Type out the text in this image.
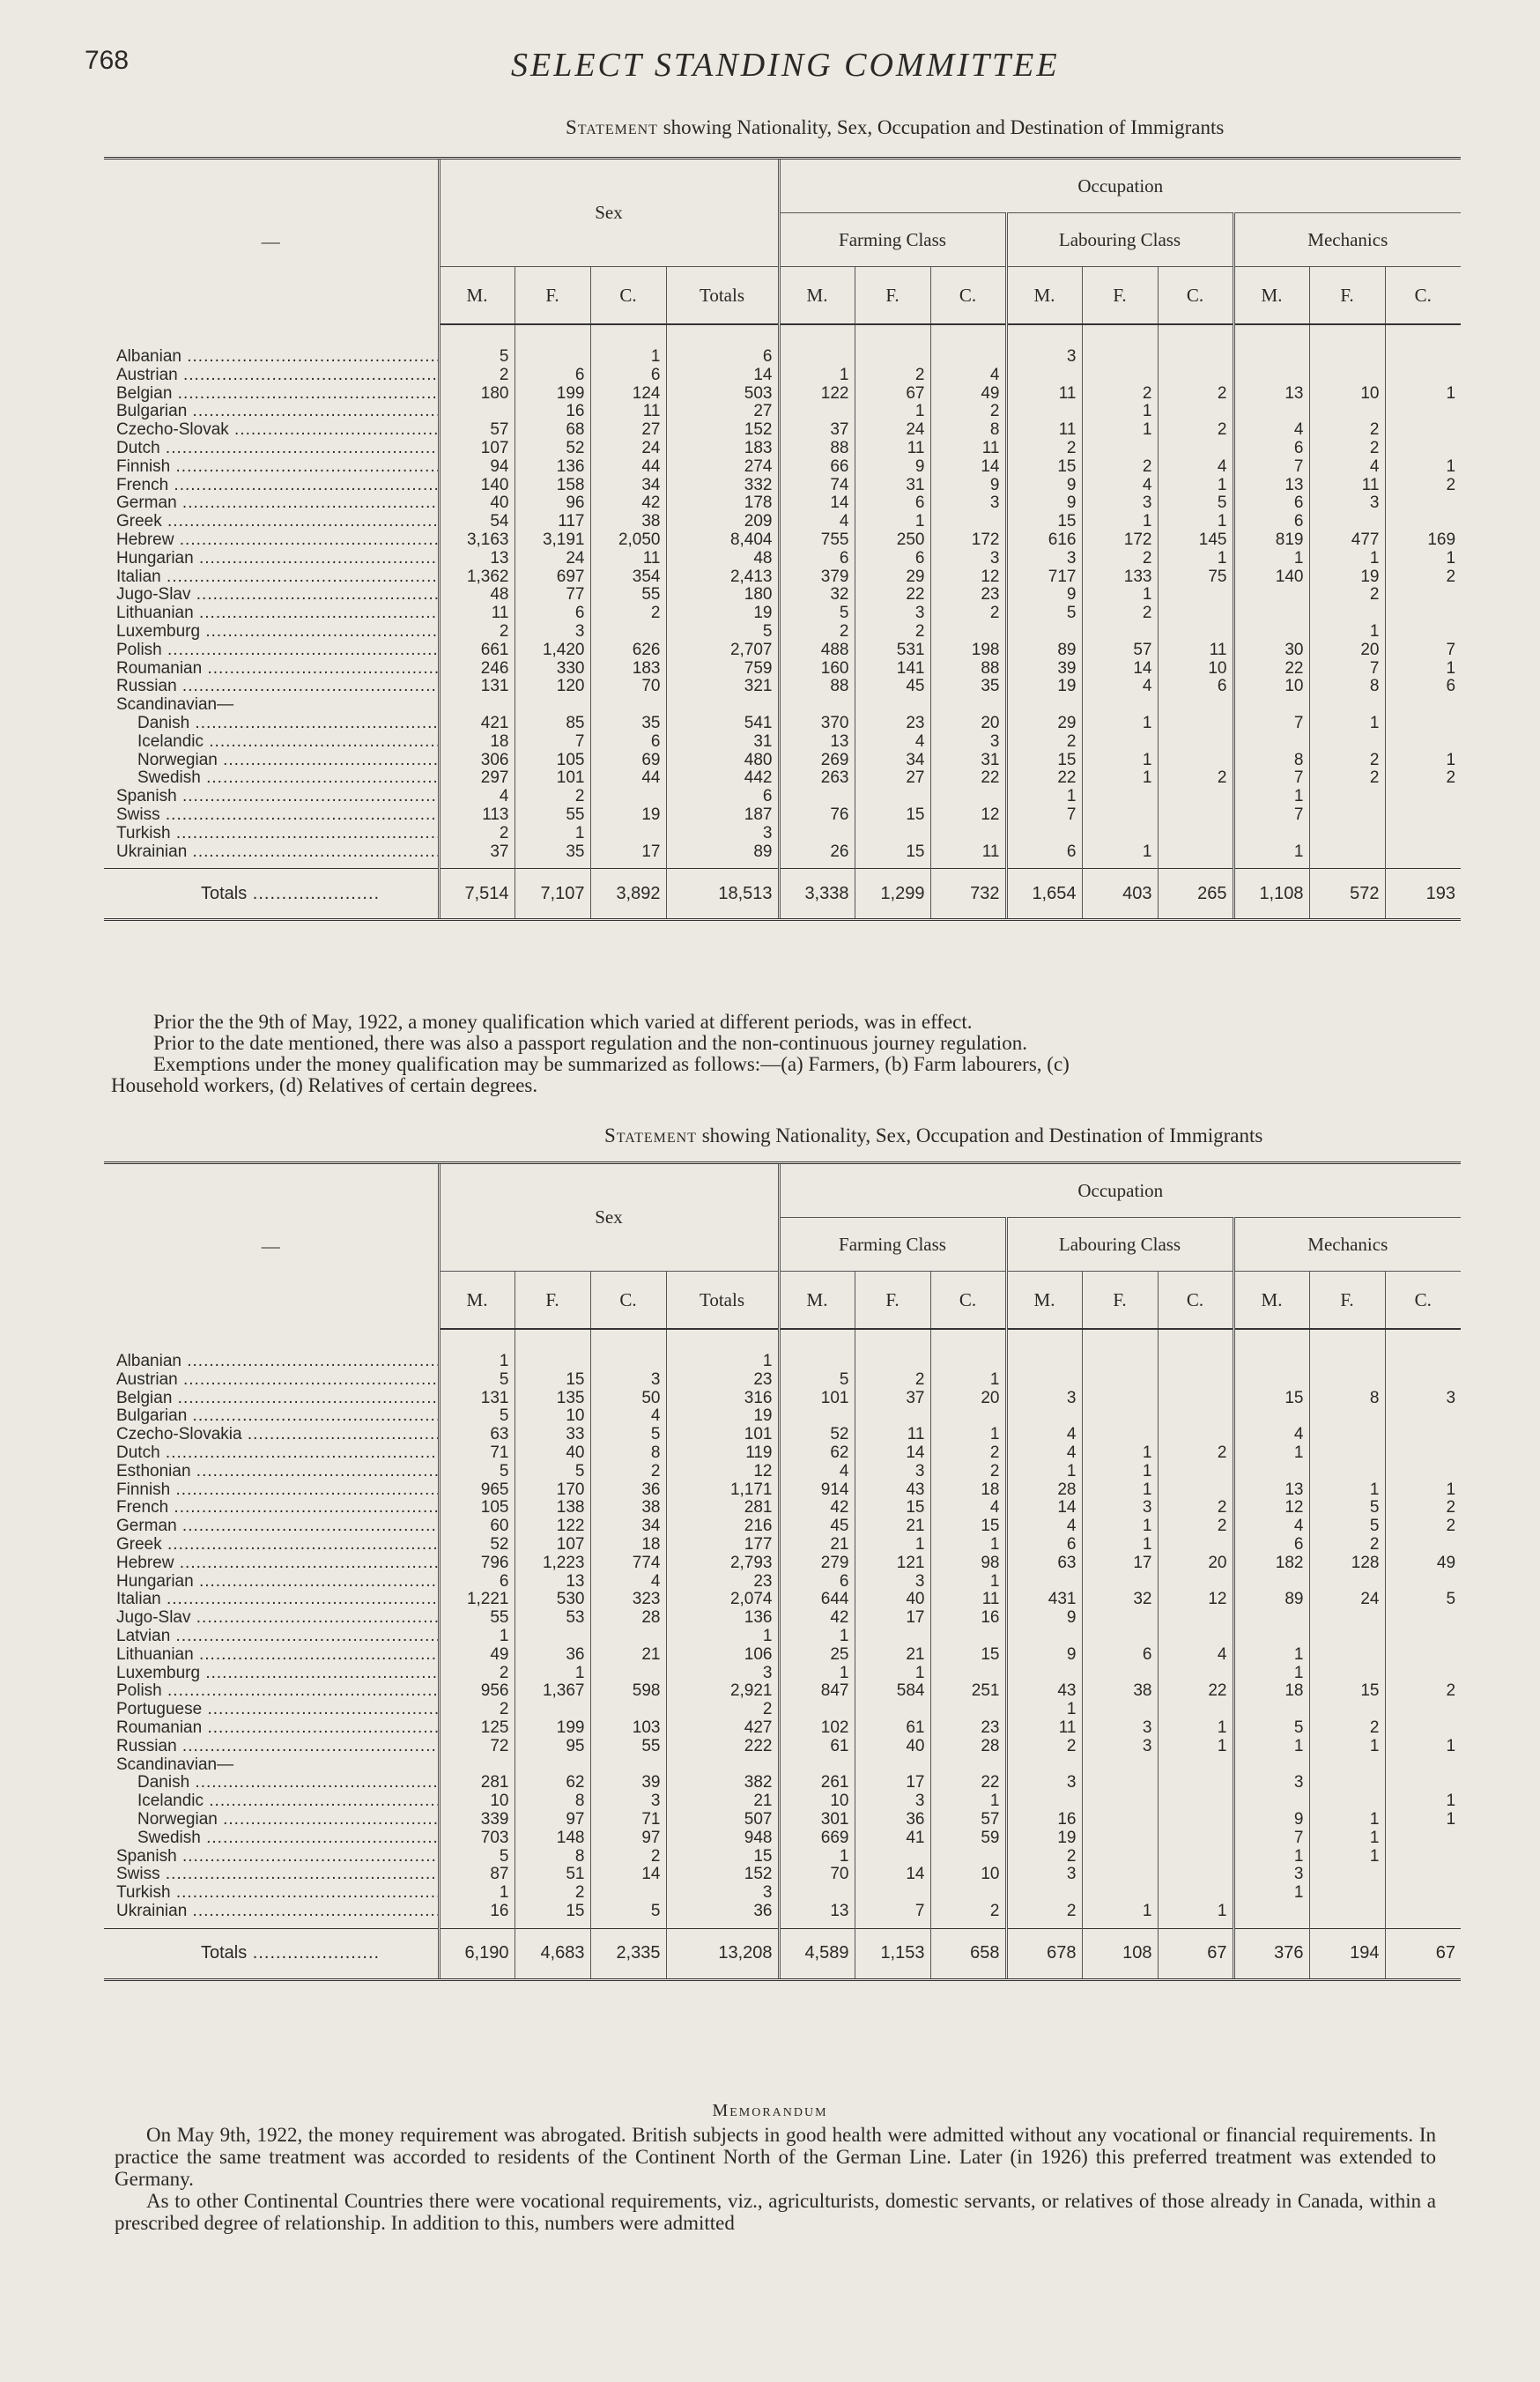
768	SELECT STANDING COMMITTEE
Statement showing Nationality, Sex, Occupation and Destination of Immigrants
—	Sex				Occupation								
					Farming Class			Labouring Class			Mechanics		
	M.	F.	C.	Totals	M.	F.	C.	M.	F.	C.	M.	F.	C.

Albanian .....	5		1	6				3					
Austrian .....	2	6	6	14	1	2	4						
Belgian .....	180	199	124	503	122	67	49	11	2	2	13	10	1
Bulgarian .....		16	11	27		1	2		1				
Czecho-Slovak .....	57	68	27	152	37	24	8	11	1	2	4	2	
Dutch .....	107	52	24	183	88	11	11	2			6	2	
Finnish .....	94	136	44	274	66	9	14	15	2	4	7	4	1
French .....	140	158	34	332	74	31	9	9	4	1	13	11	2
German .....	40	96	42	178	14	6	3	9	3	5	6	3	
Greek .....	54	117	38	209	4	1		15	1	1	6		
Hebrew .....	3,163	3,191	2,050	8,404	755	250	172	616	172	145	819	477	169
Hungarian .....	13	24	11	48	6	6	3	3	2	1	1	1	1
Italian .....	1,362	697	354	2,413	379	29	12	717	133	75	140	19	2
Jugo-Slav .....	48	77	55	180	32	22	23	9	1			2	
Lithuanian .....	11	6	2	19	5	3	2	5	2				
Luxemburg .....	2	3		5	2	2						1	
Polish .....	661	1,420	626	2,707	488	531	198	89	57	11	30	20	7
Roumanian .....	246	330	183	759	160	141	88	39	14	10	22	7	1
Russian .....	131	120	70	321	88	45	35	19	4	6	10	8	6
Scandinavian—													
Danish .....	421	85	35	541	370	23	20	29	1		7	1	
Icelandic .....	18	7	6	31	13	4	3	2					
Norwegian .....	306	105	69	480	269	34	31	15	1		8	2	1
Swedish .....	297	101	44	442	263	27	22	22	1	2	7	2	2
Spanish .....	4	2		6				1			1		
Swiss .....	113	55	19	187	76	15	12	7			7		
Turkish .....	2	1		3									
Ukrainian .....	37	35	17	89	26	15	11	6	1		1		

Totals .....	7,514	7,107	3,892	18,513	3,338	1,299	732	1,654	403	265	1,108	572	193

Prior the the 9th of May, 1922, a money qualification which varied at different periods, was in effect.

Prior to the date mentioned, there was also a passport regulation and the non-continuous journey regulation.

Exemptions under the money qualification may be summarized as follows:—(a) Farmers, (b) Farm labourers, (c)

Household workers, (d) Relatives of certain degrees.

Statement showing Nationality, Sex, Occupation and Destination of Immigrants
—	Sex				Occupation								
					Farming Class			Labouring Class			Mechanics		
	M.	F.	C.	Totals	M.	F.	C.	M.	F.	C.	M.	F.	C.

Albanian .....	1			1									
Austrian .....	5	15	3	23	5	2	1						
Belgian .....	131	135	50	316	101	37	20	3			15	8	3
Bulgarian .....	5	10	4	19									
Czecho-Slovakia .....	63	33	5	101	52	11	1	4			4		
Dutch .....	71	40	8	119	62	14	2	4	1	2	1		
Esthonian .....	5	5	2	12	4	3	2	1	1				
Finnish .....	965	170	36	1,171	914	43	18	28	1		13	1	1
French .....	105	138	38	281	42	15	4	14	3	2	12	5	2
German .....	60	122	34	216	45	21	15	4	1	2	4	5	2
Greek .....	52	107	18	177	21	1	1	6	1		6	2	
Hebrew .....	796	1,223	774	2,793	279	121	98	63	17	20	182	128	49
Hungarian .....	6	13	4	23	6	3	1						
Italian .....	1,221	530	323	2,074	644	40	11	431	32	12	89	24	5
Jugo-Slav .....	55	53	28	136	42	17	16	9					
Latvian .....	1			1	1								
Lithuanian .....	49	36	21	106	25	21	15	9	6	4	1		
Luxemburg .....	2	1		3	1	1					1		
Polish .....	956	1,367	598	2,921	847	584	251	43	38	22	18	15	2
Portuguese .....	2			2				1					
Roumanian .....	125	199	103	427	102	61	23	11	3	1	5	2	
Russian .....	72	95	55	222	61	40	28	2	3	1	1	1	1
Scandinavian—													
Danish .....	281	62	39	382	261	17	22	3			3		
Icelandic .....	10	8	3	21	10	3	1						1
Norwegian .....	339	97	71	507	301	36	57	16			9	1	1
Swedish .....	703	148	97	948	669	41	59	19			7	1	
Spanish .....	5	8	2	15	1			2			1	1	
Swiss .....	87	51	14	152	70	14	10	3			3		
Turkish .....	1	2		3							1		
Ukrainian .....	16	15	5	36	13	7	2	2	1	1			

Totals .....	6,190	4,683	2,335	13,208	4,589	1,153	658	678	108	67	376	194	67
Memorandum

On May 9th, 1922, the money requirement was abrogated. British subjects in good health were admitted without any vocational or financial requirements. In practice the same treatment was accorded to residents of the Continent North of the German Line. Later (in 1926) this preferred treatment was extended to Germany.

As to other Continental Countries there were vocational requirements, viz., agriculturists, domestic servants, or relatives of those already in Canada, within a prescribed degree of relationship. In addition to this, numbers were admitted
